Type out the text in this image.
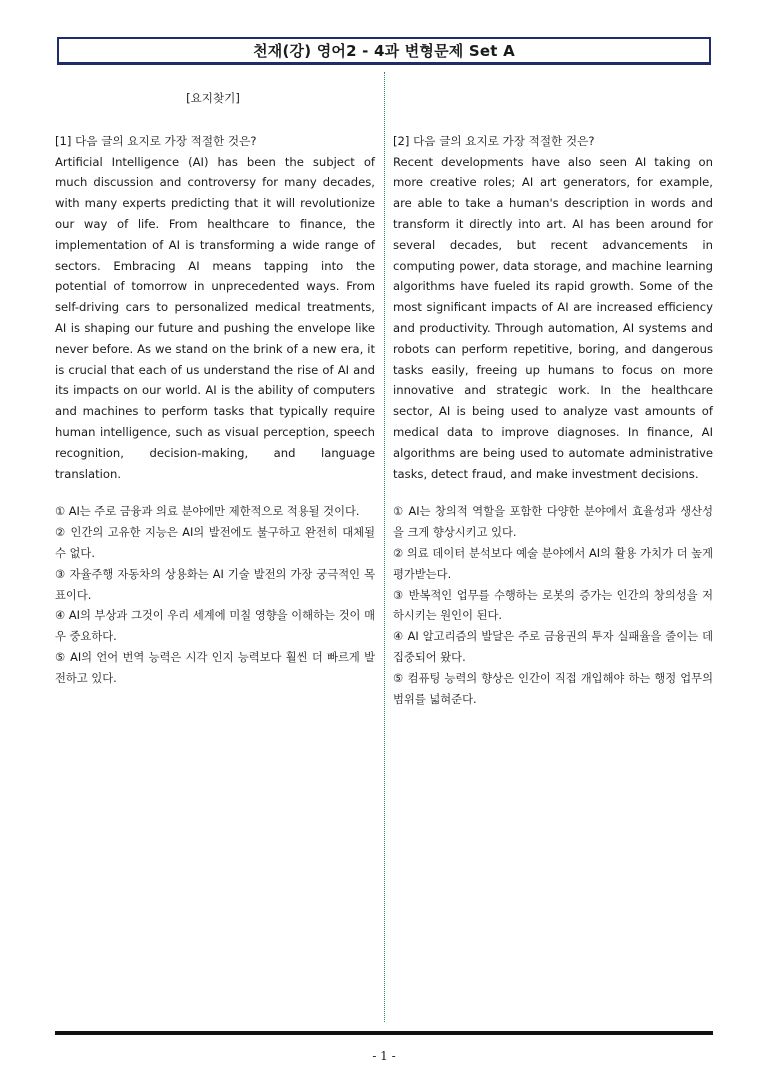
천재(강) 영어2 - 4과 변형문제 Set A
[요지찾기]

[1] 다음 글의 요지로 가장 적절한 것은?

Artificial Intelligence (AI) has been the subject of much discussion and controversy for many decades, with many experts predicting that it will revolutionize our way of life. From healthcare to finance, the implementation of AI is transforming a wide range of sectors. Embracing AI means tapping into the potential of tomorrow in unprecedented ways. From self-driving cars to personalized medical treatments, AI is shaping our future and pushing the envelope like never before. As we stand on the brink of a new era, it is crucial that each of us understand the rise of AI and its impacts on our world. AI is the ability of computers and machines to perform tasks that typically require human intelligence, such as visual perception, speech recognition, decision-making, and language translation.

① AI는 주로 금융과 의료 분야에만 제한적으로 적용될 것이다.

② 인간의 고유한 지능은 AI의 발전에도 불구하고 완전히 대체될 수 없다.

③ 자율주행 자동차의 상용화는 AI 기술 발전의 가장 궁극적인 목표이다.

④ AI의 부상과 그것이 우리 세계에 미칠 영향을 이해하는 것이 매우 중요하다.

⑤ AI의 언어 번역 능력은 시각 인지 능력보다 훨씬 더 빠르게 발전하고 있다.

[2] 다음 글의 요지로 가장 적절한 것은?

Recent developments have also seen AI taking on more creative roles; AI art generators, for example, are able to take a human's description in words and transform it directly into art. AI has been around for several decades, but recent advancements in computing power, data storage, and machine learning algorithms have fueled its rapid growth. Some of the most significant impacts of AI are increased efficiency and productivity. Through automation, AI systems and robots can perform repetitive, boring, and dangerous tasks easily, freeing up humans to focus on more innovative and strategic work. In the healthcare sector, AI is being used to analyze vast amounts of medical data to improve diagnoses. In finance, AI algorithms are being used to automate administrative tasks, detect fraud, and make investment decisions.

① AI는 창의적 역할을 포함한 다양한 분야에서 효율성과 생산성을 크게 향상시키고 있다.

② 의료 데이터 분석보다 예술 분야에서 AI의 활용 가치가 더 높게 평가받는다.

③ 반복적인 업무를 수행하는 로봇의 증가는 인간의 창의성을 저하시키는 원인이 된다.

④ AI 알고리즘의 발달은 주로 금융권의 투자 실패율을 줄이는 데 집중되어 왔다.

⑤ 컴퓨팅 능력의 향상은 인간이 직접 개입해야 하는 행정 업무의 범위를 넓혀준다.

- 1 -
